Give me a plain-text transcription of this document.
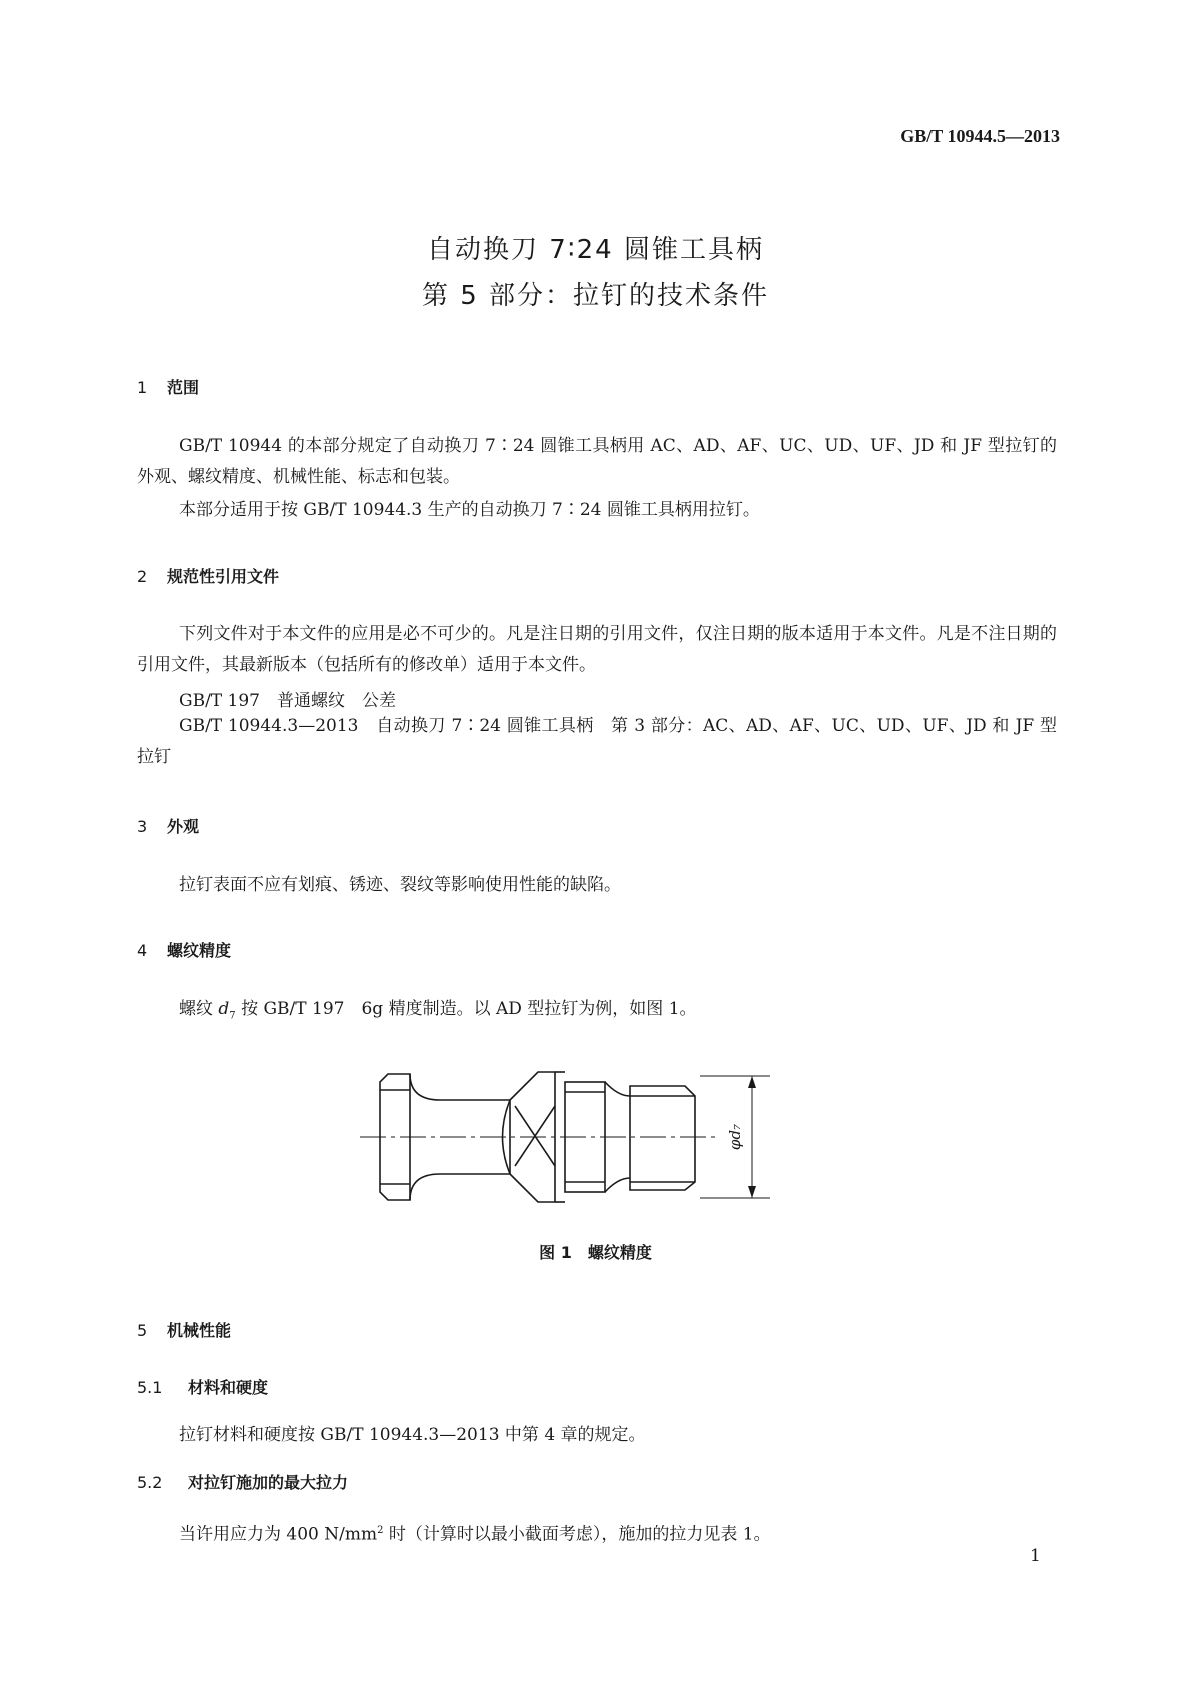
GB/T 10944.5—2013
自动换刀 7∶24 圆锥工具柄
第 5 部分：拉钉的技术条件
1 范围
GB/T 10944 的本部分规定了自动换刀 7∶24 圆锥工具柄用 AC、AD、AF、UC、UD、UF、JD 和 JF 型拉钉的外观、螺纹精度、机械性能、标志和包装。
本部分适用于按 GB/T 10944.3 生产的自动换刀 7∶24 圆锥工具柄用拉钉。
2 规范性引用文件
下列文件对于本文件的应用是必不可少的。凡是注日期的引用文件，仅注日期的版本适用于本文件。凡是不注日期的引用文件，其最新版本（包括所有的修改单）适用于本文件。
GB/T 197　普通螺纹　公差
GB/T 10944.3—2013　自动换刀 7∶24 圆锥工具柄　第 3 部分：AC、AD、AF、UC、UD、UF、JD 和 JF 型拉钉
3 外观
拉钉表面不应有划痕、锈迹、裂纹等影响使用性能的缺陷。
4 螺纹精度
螺纹 $d_7$ 按 GB/T 197　6g 精度制造。以 AD 型拉钉为例，如图 1。
φd₇
图 1　螺纹精度
5 机械性能
5.1 材料和硬度
拉钉材料和硬度按 GB/T 10944.3—2013 中第 4 章的规定。
5.2 对拉钉施加的最大拉力
当许用应力为 400 $N/mm^2$ 时（计算时以最小截面考虑），施加的拉力见表 1。
1
